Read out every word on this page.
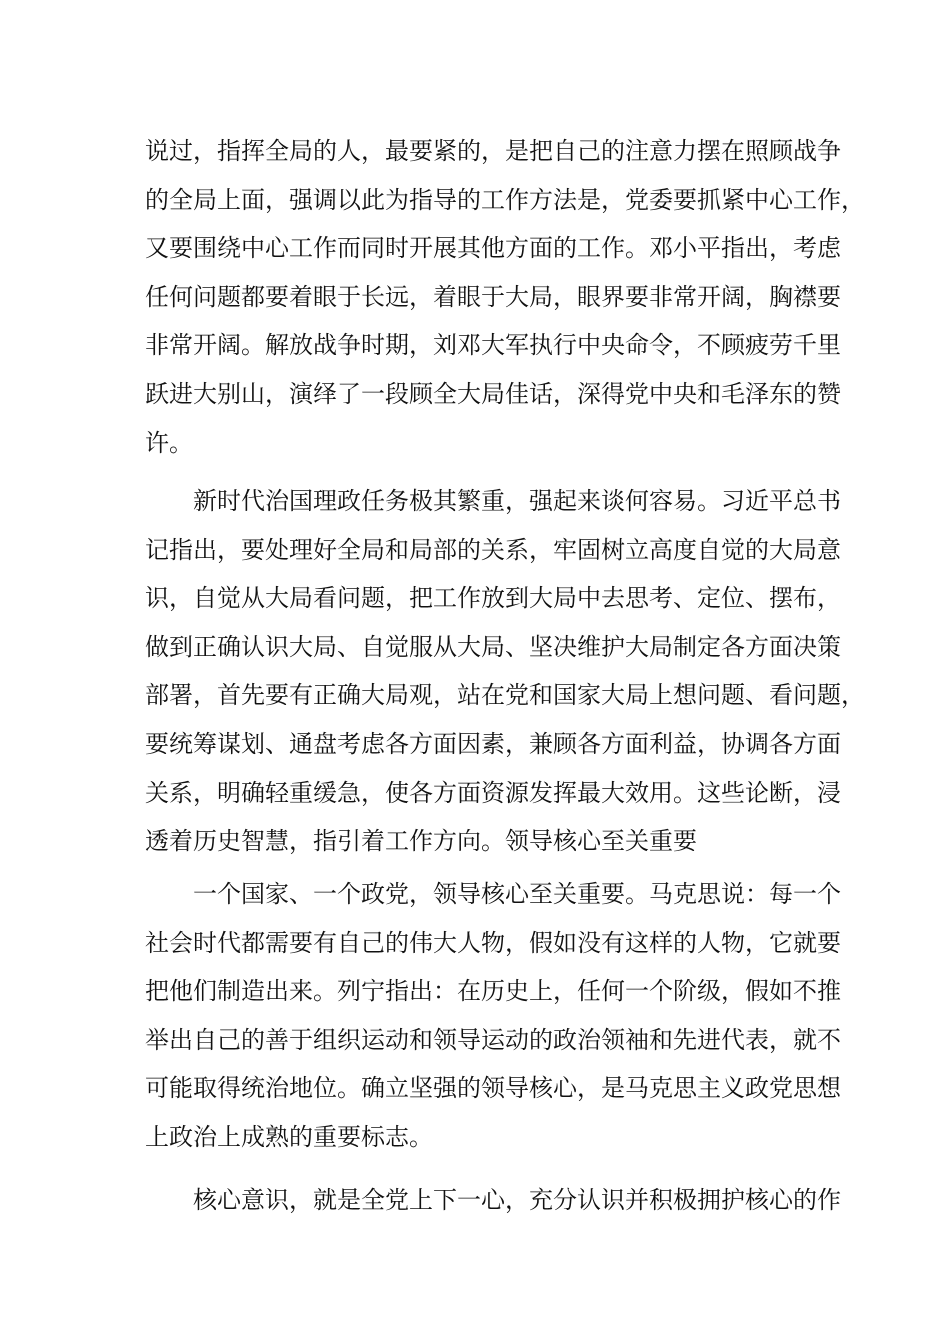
说过，指挥全局的人，最要紧的，是把自己的注意力摆在照顾战争
的全局上面，强调以此为指导的工作方法是，党委要抓紧中心工作，
又要围绕中心工作而同时开展其他方面的工作。邓小平指出，考虑
任何问题都要着眼于长远，着眼于大局，眼界要非常开阔，胸襟要
非常开阔。解放战争时期，刘邓大军执行中央命令，不顾疲劳千里
跃进大别山，演绎了一段顾全大局佳话，深得党中央和毛泽东的赞
许。
新时代治国理政任务极其繁重，强起来谈何容易。习近平总书
记指出，要处理好全局和局部的关系，牢固树立高度自觉的大局意
识，自觉从大局看问题，把工作放到大局中去思考、定位、摆布，
做到正确认识大局、自觉服从大局、坚决维护大局制定各方面决策
部署，首先要有正确大局观，站在党和国家大局上想问题、看问题，
要统筹谋划、通盘考虑各方面因素，兼顾各方面利益，协调各方面
关系，明确轻重缓急，使各方面资源发挥最大效用。这些论断，浸
透着历史智慧，指引着工作方向。领导核心至关重要
一个国家、一个政党，领导核心至关重要。马克思说：每一个
社会时代都需要有自己的伟大人物，假如没有这样的人物，它就要
把他们制造出来。列宁指出：在历史上，任何一个阶级，假如不推
举出自己的善于组织运动和领导运动的政治领袖和先进代表，就不
可能取得统治地位。确立坚强的领导核心，是马克思主义政党思想
上政治上成熟的重要标志。
核心意识，就是全党上下一心，充分认识并积极拥护核心的作
